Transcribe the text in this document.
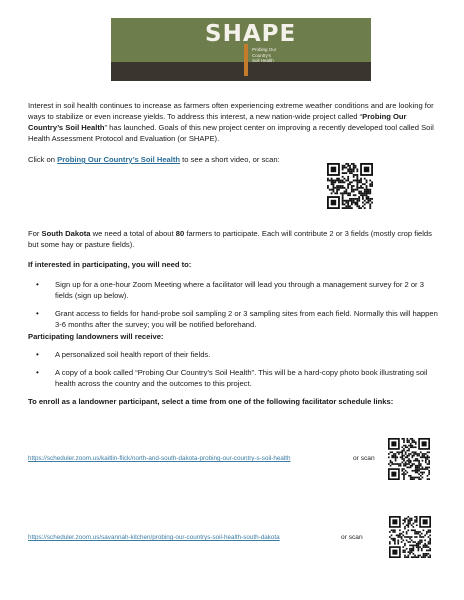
SHAPE
Probing Our
Country's
Soil Health

Interest in soil health continues to increase as farmers often experiencing extreme weather conditions and are looking for ways to stabilize or even increase yields. To address this interest, a new nation-wide project called “Probing Our Country’s Soil Health” has launched. Goals of this new project center on improving a recently developed tool called Soil Health Assessment Protocol and Evaluation (or SHAPE).

Click on Probing Our Country’s Soil Health to see a short video, or scan:

For South Dakota we need a total of about 80 farmers to participate. Each will contribute 2 or 3 fields (mostly crop fields but some hay or pasture fields).

If interested in participating, you will need to:
• Sign up for a one-hour Zoom Meeting where a facilitator will lead you through a management survey for 2 or 3 fields (sign up below).
• Grant access to fields for hand-probe soil sampling 2 or 3 sampling sites from each field. Normally this will happen 3-6 months after the survey; you will be notified beforehand.
Participating landowners will receive:
• A personalized soil health report of their fields.
• A copy of a book called “Probing Our Country’s Soil Health”. This will be a hard-copy photo book illustrating soil health across the country and the outcomes to this project.
To enroll as a landowner participant, select a time from one of the following facilitator schedule links:
https://scheduler.zoom.us/kaitlin-flick/north-and-south-dakota-probing-our-country-s-soil-health	or scan
https://scheduler.zoom.us/savannah-kitchen/probing-our-countrys-soil-health-south-dakota	or scan
